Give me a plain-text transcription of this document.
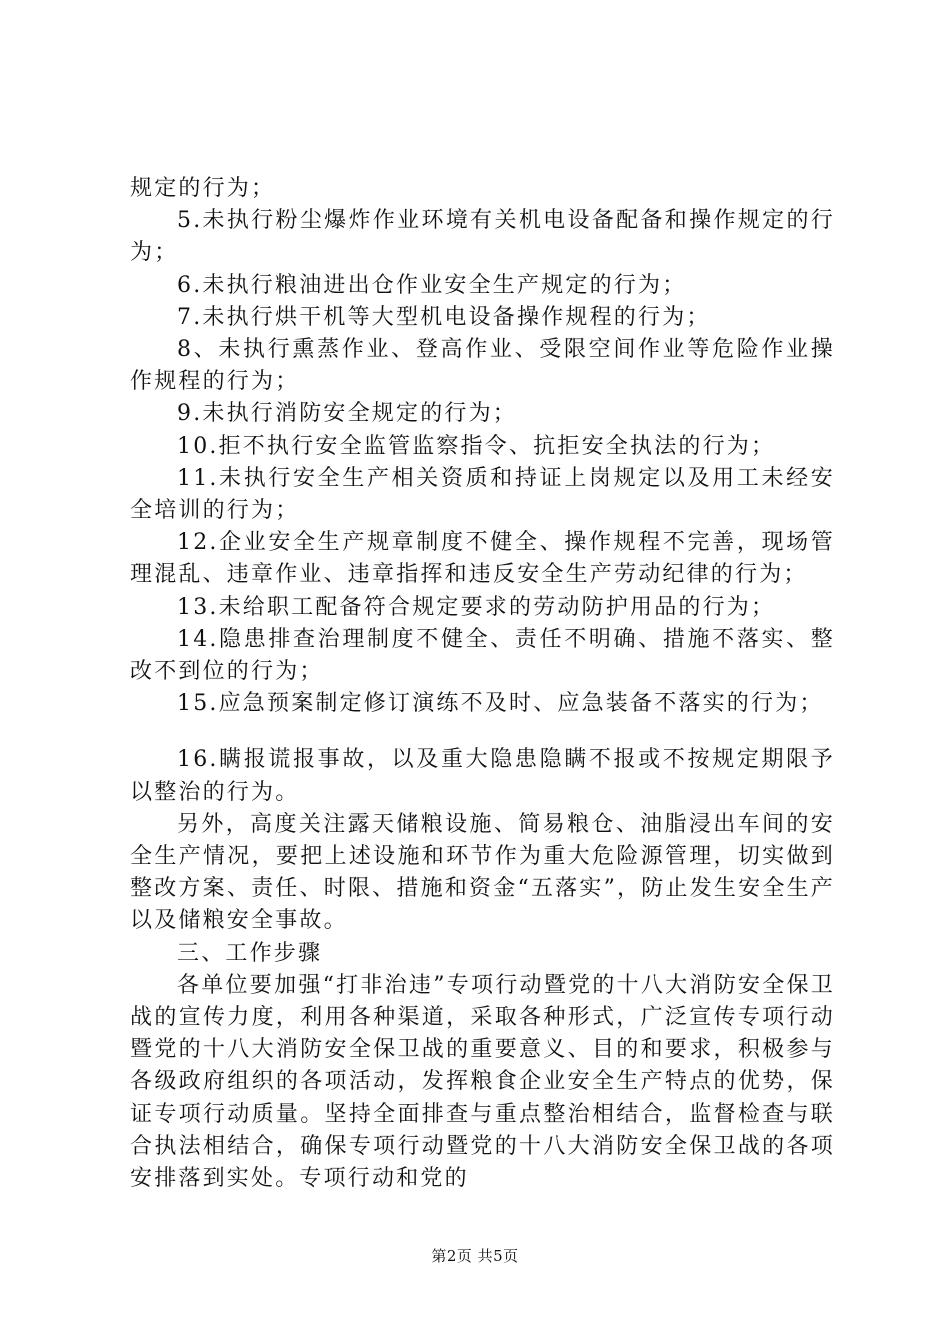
规定的行为；

5.未执行粉尘爆炸作业环境有关机电设备配备和操作规定的行为；

6.未执行粮油进出仓作业安全生产规定的行为；

7.未执行烘干机等大型机电设备操作规程的行为；

8、未执行熏蒸作业、登高作业、受限空间作业等危险作业操作规程的行为；

9.未执行消防安全规定的行为；

10.拒不执行安全监管监察指令、抗拒安全执法的行为；

11.未执行安全生产相关资质和持证上岗规定以及用工未经安全培训的行为；

12.企业安全生产规章制度不健全、操作规程不完善，现场管理混乱、违章作业、违章指挥和违反安全生产劳动纪律的行为；

13.未给职工配备符合规定要求的劳动防护用品的行为；

14.隐患排查治理制度不健全、责任不明确、措施不落实、整改不到位的行为；

15.应急预案制定修订演练不及时、应急装备不落实的行为；

16.瞒报谎报事故，以及重大隐患隐瞒不报或不按规定期限予以整治的行为。

另外，高度关注露天储粮设施、简易粮仓、油脂浸出车间的安全生产情况，要把上述设施和环节作为重大危险源管理，切实做到整改方案、责任、时限、措施和资金“五落实”，防止发生安全生产以及储粮安全事故。

三、工作步骤

各单位要加强“打非治违”专项行动暨党的十八大消防安全保卫战的宣传力度，利用各种渠道，采取各种形式，广泛宣传专项行动暨党的十八大消防安全保卫战的重要意义、目的和要求，积极参与各级政府组织的各项活动，发挥粮食企业安全生产特点的优势，保证专项行动质量。坚持全面排查与重点整治相结合，监督检查与联合执法相结合，确保专项行动暨党的十八大消防安全保卫战的各项安排落到实处。专项行动和党的

第2页 共5页
